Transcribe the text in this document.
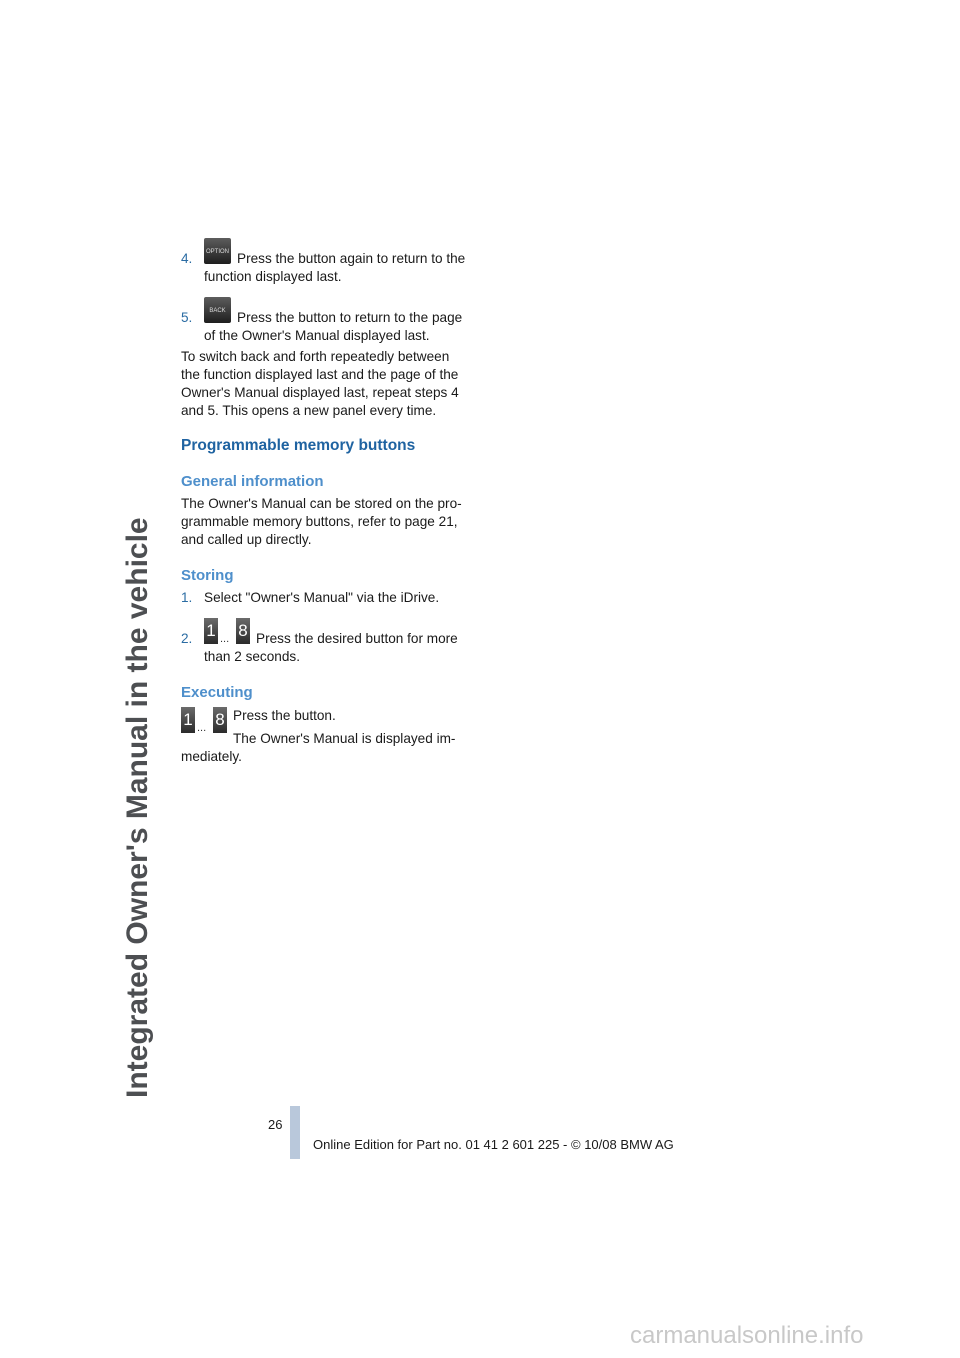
Integrated Owner's Manual in the vehicle
4.	OPTION Press the button again to return to the
function displayed last.
5.	BACK Press the button to return to the page
of the Owner's Manual displayed last.
To switch back and forth repeatedly between
the function displayed last and the page of the
Owner's Manual displayed last, repeat steps 4
and 5. This opens a new panel every time.
Programmable memory buttons
General information
The Owner's Manual can be stored on the pro-
grammable memory buttons, refer to page 21,
and called up directly.
Storing
1. Select "Owner's Manual" via the iDrive.
2. 1 ... 8 Press the desired button for more
than 2 seconds.
Executing
1 ... 8 Press the button.
The Owner's Manual is displayed im-
mediately.
26
Online Edition for Part no. 01 41 2 601 225 - © 10/08 BMW AG
carmanualsonline.info
